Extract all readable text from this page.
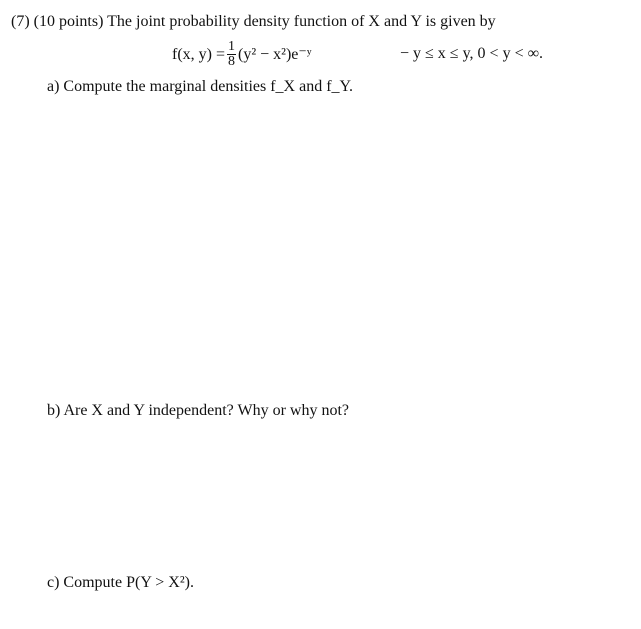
(7) (10 points) The joint probability density function of X and Y is given by
f(x, $y) = \frac{1}{8} (y^2$ − x²)e⁻ʸ	− y ≤ x ≤ y, 0 < y < ∞.
a) Compute the marginal densities f_X and f_Y.
b) Are X and Y independent? Why or why not?
c) Compute P(Y > X²).
